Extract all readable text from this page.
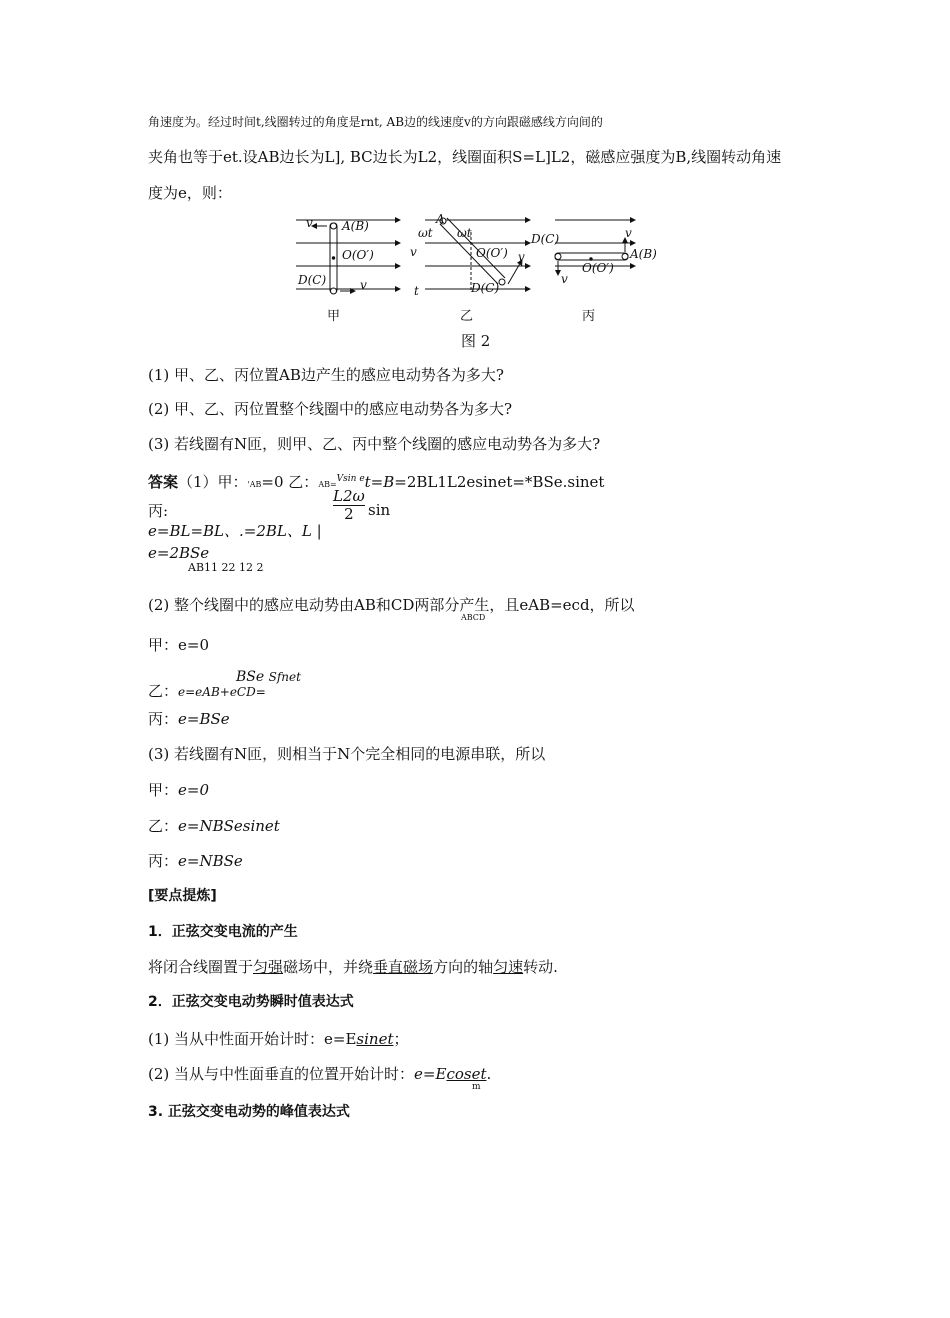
角速度为。经过时间t,线圈转过的角度是rnt, AB边的线速度v的方向跟磁感线方向间的
夹角也等于et.设AB边长为L], BC边长为L2，线圈面积S=L]L2，磁感应强度为B,线圈转动角速
度为e，则：
v A(B)
O(O′)
D(C)	v
A
ωt ωt
v	O(O′)
t	D(C)
v
D(C)	v
A(B)
O(O′)
v
甲	乙	丙
图 2
(1) 甲、乙、丙位置AB边产生的感应电动势各为多大?
(2) 甲、乙、丙位置整个线圈中的感应电动势各为多大?
(3) 若线圈有N匝，则甲、乙、丙中整个线圈的感应电动势各为多大?
答案（1）甲：'AB=0 乙：AB=$^{Vsin e}$t=B=2BL1L2esinet=*BSe.sinet
丙:	$\frac{L2\omega}{2}$ sin
e=BL=BL、.=2BL、L |
e=2BSe
AB11 22 12 2
(2) 整个线圈中的感应电动势由AB和CD两部分产生，且eAB=ecd，所以
ABCD
甲：e=0
BSe Sfnet
乙：e=eAB+eCD=
丙：e=BSe
(3) 若线圈有N匝，则相当于N个完全相同的电源串联，所以
甲：e=0
乙：e=NBSesinet
丙：e=NBSe
[要点提炼]
1．正弦交变电流的产生
将闭合线圈置于匀强磁场中，并绕垂直磁场方向的轴匀速转动.
2．正弦交变电动势瞬时值表达式
(1) 当从中性面开始计时：e=Esinet；
(2) 当从与中性面垂直的位置开始计时：e=Ecoset.
m
3. 正弦交变电动势的峰值表达式
